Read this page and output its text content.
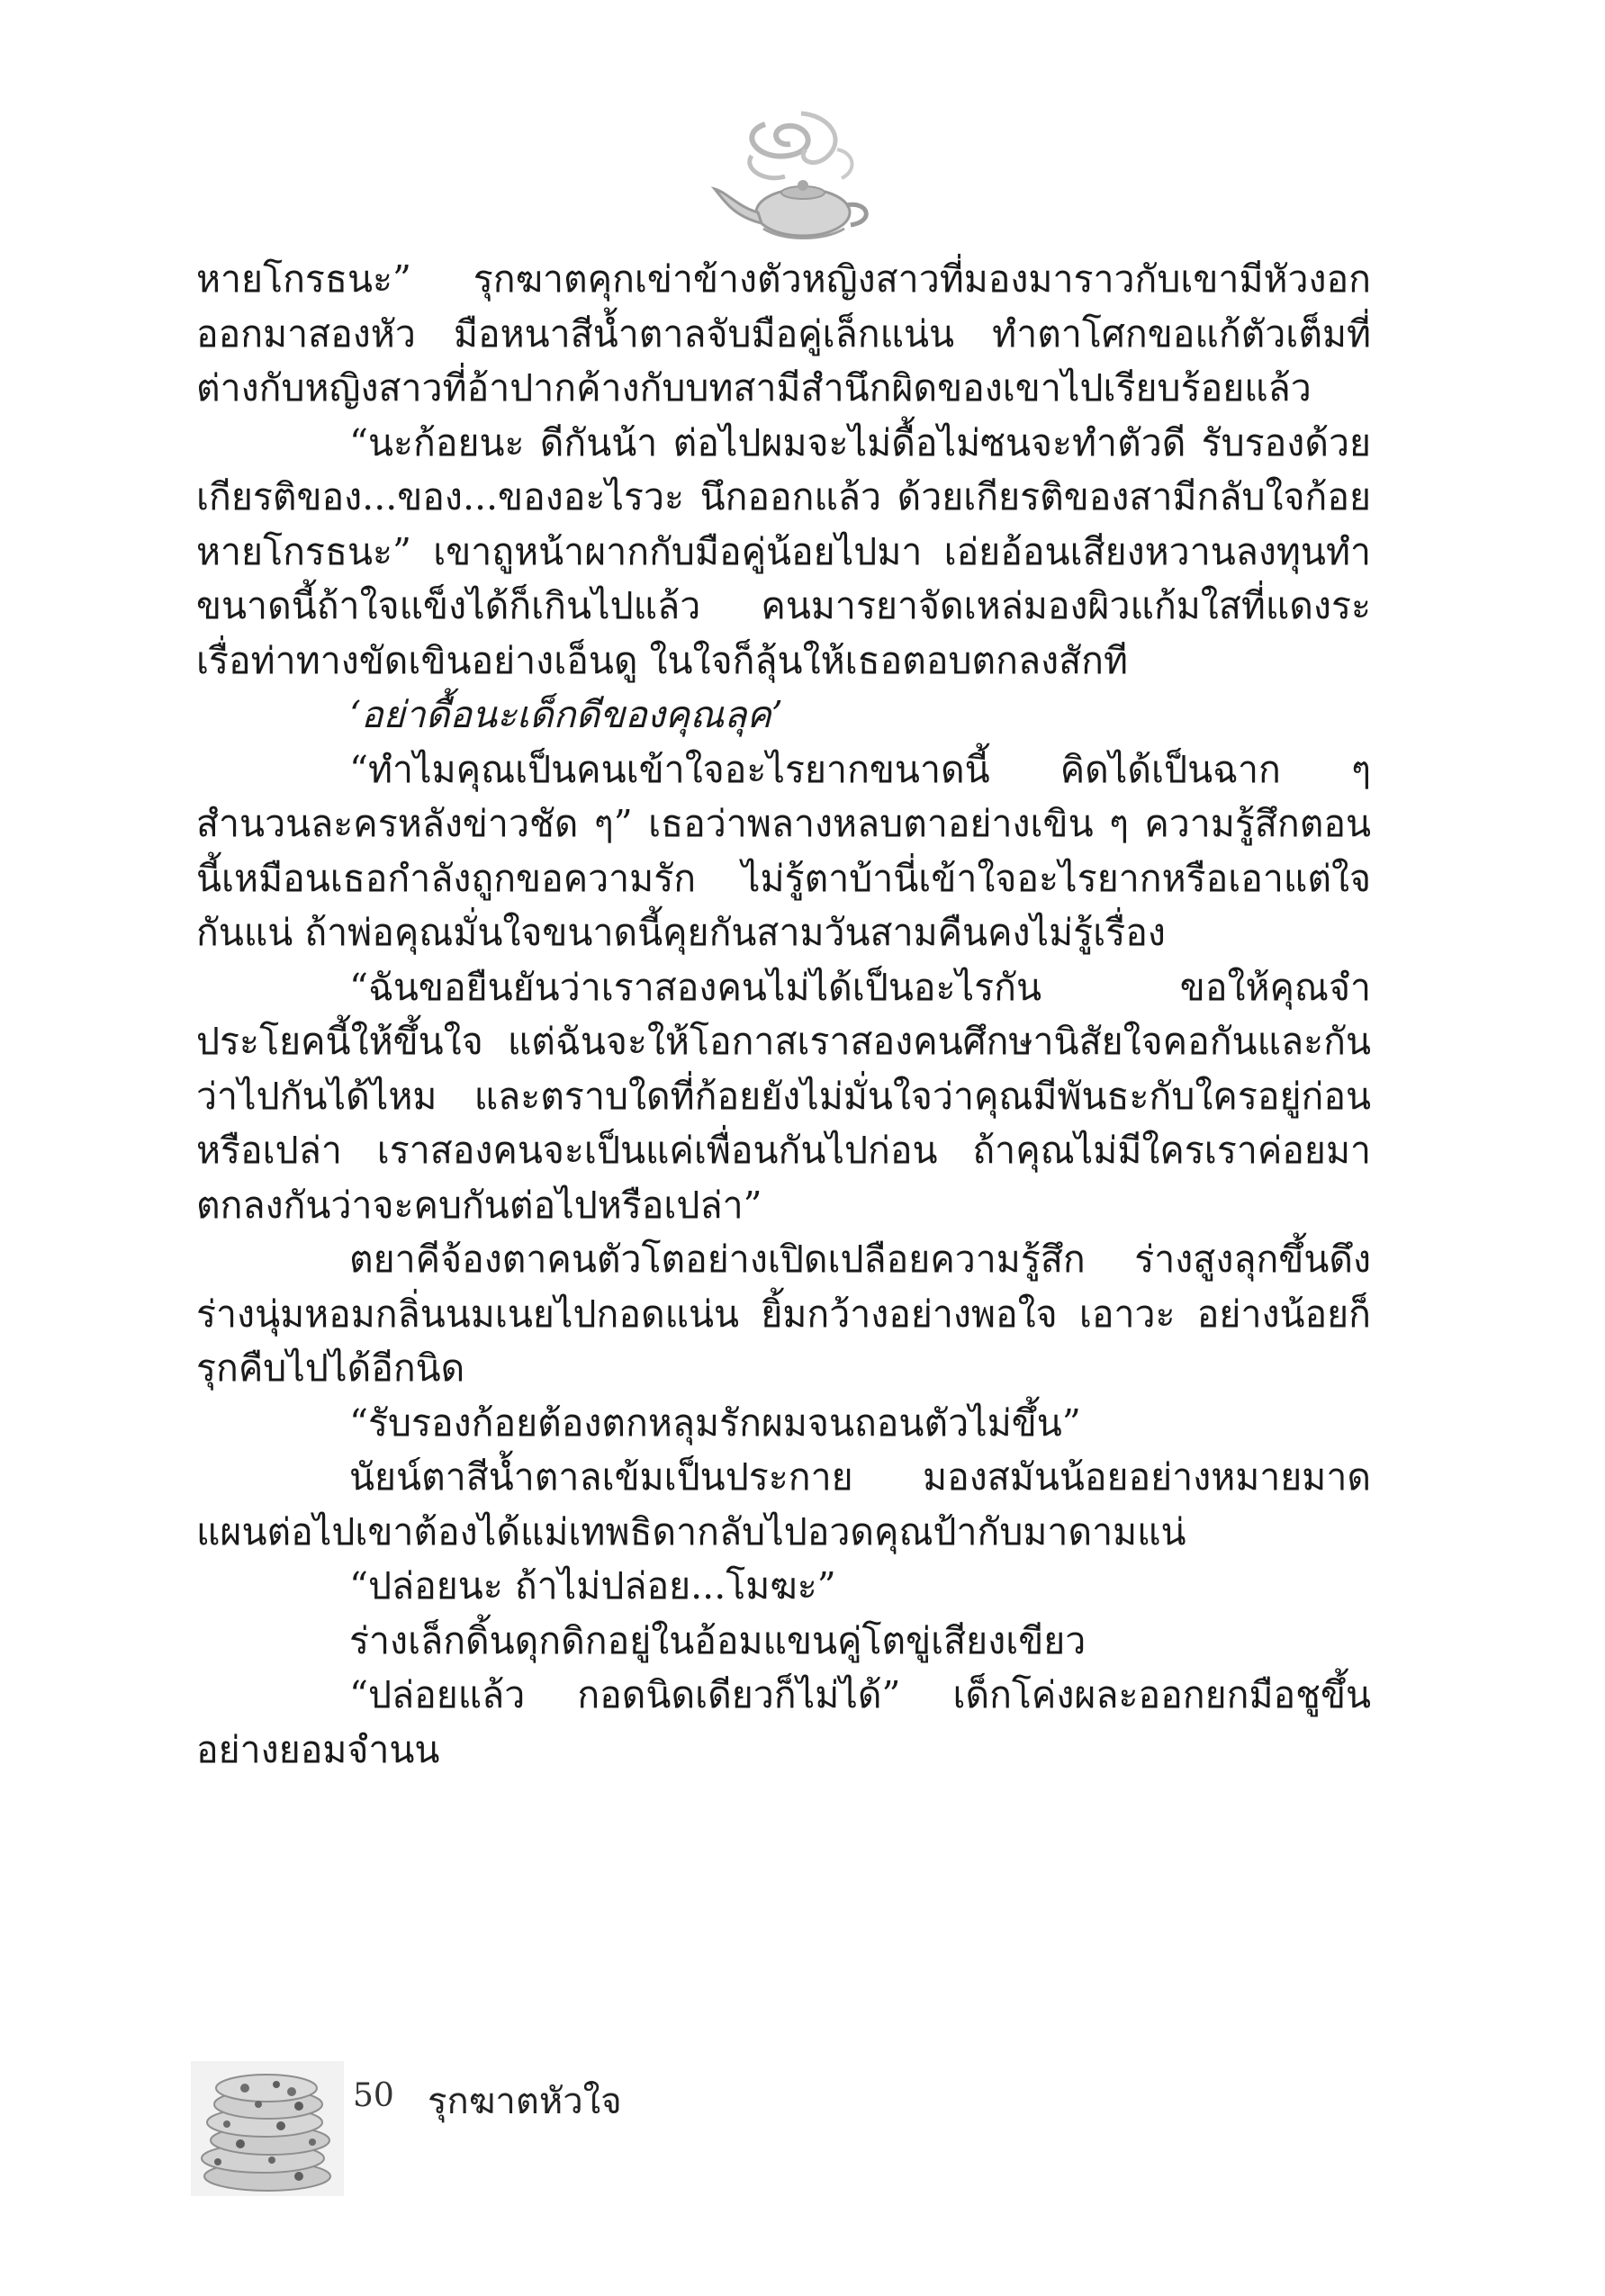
หายโกรธนะ” รุกฆาตคุกเข่าข้างตัวหญิงสาวที่มองมาราวกับเขามีหัวงอกออกมาสองหัว มือหนาสีน้ำตาลจับมือคู่เล็กแน่น ทำตาโศกขอแก้ตัวเต็มที่ต่างกับหญิงสาวที่อ้าปากค้างกับบทสามีสำนึกผิดของเขาไปเรียบร้อยแล้ว

“นะก้อยนะ ดีกันน้า ต่อไปผมจะไม่ดื้อไม่ซนจะทำตัวดี รับรองด้วยเกียรติของ...ของ...ของอะไรวะ นึกออกแล้ว ด้วยเกียรติของสามีกลับใจก้อยหายโกรธนะ” เขาถูหน้าผากกับมือคู่น้อยไปมา เอ่ยอ้อนเสียงหวานลงทุนทำขนาดนี้ถ้าใจแข็งได้ก็เกินไปแล้ว คนมารยาจัดเหล่มองผิวแก้มใสที่แดงระเรื่อท่าทางขัดเขินอย่างเอ็นดู ในใจก็ลุ้นให้เธอตอบตกลงสักที

‘อย่าดื้อนะเด็กดีของคุณลุค’

“ทำไมคุณเป็นคนเข้าใจอะไรยากขนาดนี้ คิดได้เป็นฉาก ๆ สำนวนละครหลังข่าวชัด ๆ” เธอว่าพลางหลบตาอย่างเขิน ๆ ความรู้สึกตอนนี้เหมือนเธอกำลังถูกขอความรัก ไม่รู้ตาบ้านี่เข้าใจอะไรยากหรือเอาแต่ใจกันแน่ ถ้าพ่อคุณมั่นใจขนาดนี้คุยกันสามวันสามคืนคงไม่รู้เรื่อง

“ฉันขอยืนยันว่าเราสองคนไม่ได้เป็นอะไรกัน ขอให้คุณจำประโยคนี้ให้ขึ้นใจ แต่ฉันจะให้โอกาสเราสองคนศึกษานิสัยใจคอกันและกันว่าไปกันได้ไหม และตราบใดที่ก้อยยังไม่มั่นใจว่าคุณมีพันธะกับใครอยู่ก่อนหรือเปล่า เราสองคนจะเป็นแค่เพื่อนกันไปก่อน ถ้าคุณไม่มีใครเราค่อยมาตกลงกันว่าจะคบกันต่อไปหรือเปล่า”

ตยาคีจ้องตาคนตัวโตอย่างเปิดเปลือยความรู้สึก ร่างสูงลุกขึ้นดึงร่างนุ่มหอมกลิ่นนมเนยไปกอดแน่น ยิ้มกว้างอย่างพอใจ เอาวะ อย่างน้อยก็รุกคืบไปได้อีกนิด

“รับรองก้อยต้องตกหลุมรักผมจนถอนตัวไม่ขึ้น”

นัยน์ตาสีน้ำตาลเข้มเป็นประกาย มองสมันน้อยอย่างหมายมาดแผนต่อไปเขาต้องได้แม่เทพธิดากลับไปอวดคุณป้ากับมาดามแน่

“ปล่อยนะ ถ้าไม่ปล่อย...โมฆะ”

ร่างเล็กดิ้นดุกดิกอยู่ในอ้อมแขนคู่โตขู่เสียงเขียว

“ปล่อยแล้ว กอดนิดเดียวก็ไม่ได้” เด็กโค่งผละออกยกมือชูขึ้นอย่างยอมจำนน

50 รุกฆาตหัวใจ
